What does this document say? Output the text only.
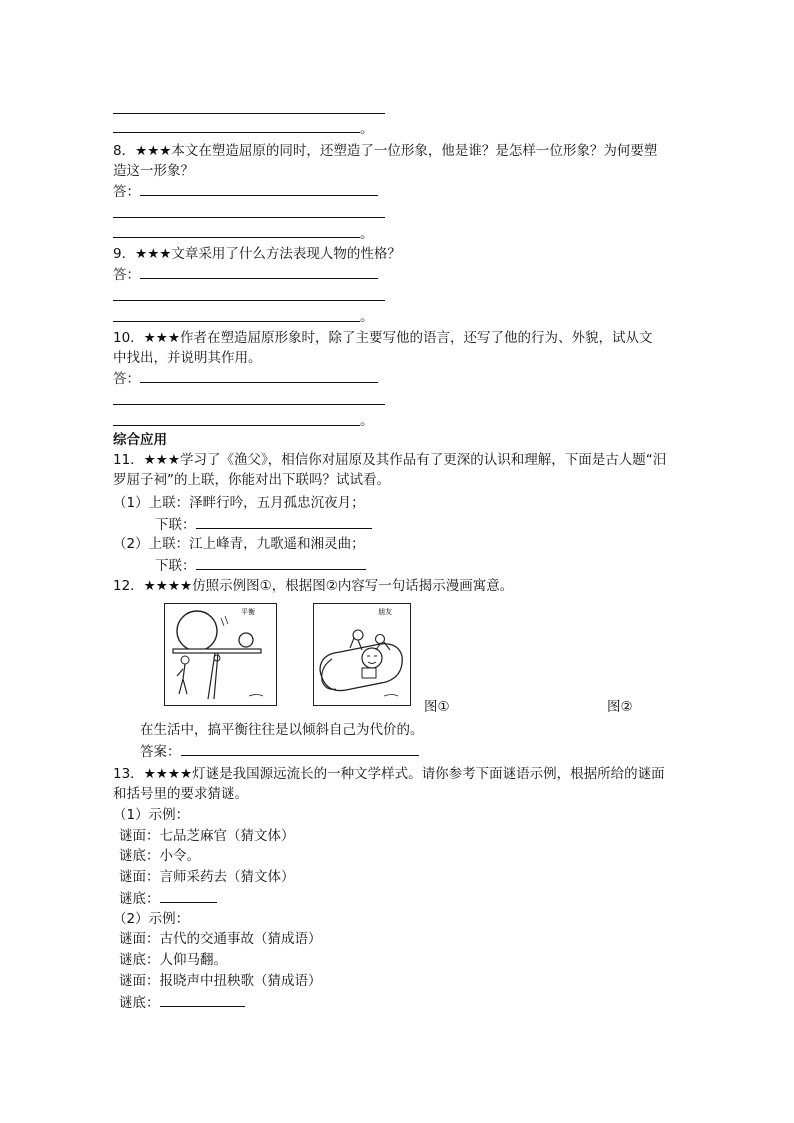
。
8．★★★本文在塑造屈原的同时，还塑造了一位形象，他是谁？是怎样一位形象？为何要塑
造这一形象？
答：
。
9．★★★文章采用了什么方法表现人物的性格？
答：
。
10．★★★作者在塑造屈原形象时，除了主要写他的语言，还写了他的行为、外貌，试从文
中找出，并说明其作用。
答：
。
综合应用
11．★★★学习了《渔父》，相信你对屈原及其作品有了更深的认识和理解，下面是古人题“汨
罗屈子祠”的上联，你能对出下联吗？试试看。
（1）上联：泽畔行吟，五月孤忠沉夜月；
下联：
（2）上联：江上峰青，九歌遥和湘灵曲；
下联：
12．★★★★仿照示例图①，根据图②内容写一句话揭示漫画寓意。
平衡	朋友
图①	图②
在生活中，搞平衡往往是以倾斜自己为代价的。
答案：
13．★★★★灯谜是我国源远流长的一种文学样式。请你参考下面谜语示例，根据所给的谜面
和括号里的要求猜谜。
（1）示例：
谜面：七品芝麻官（猜文体）
谜底：小令。
谜面：言师采药去（猜文体）
谜底：
（2）示例：
谜面：古代的交通事故（猜成语）
谜底：人仰马翻。
谜面：报晓声中扭秧歌（猜成语）
谜底：
